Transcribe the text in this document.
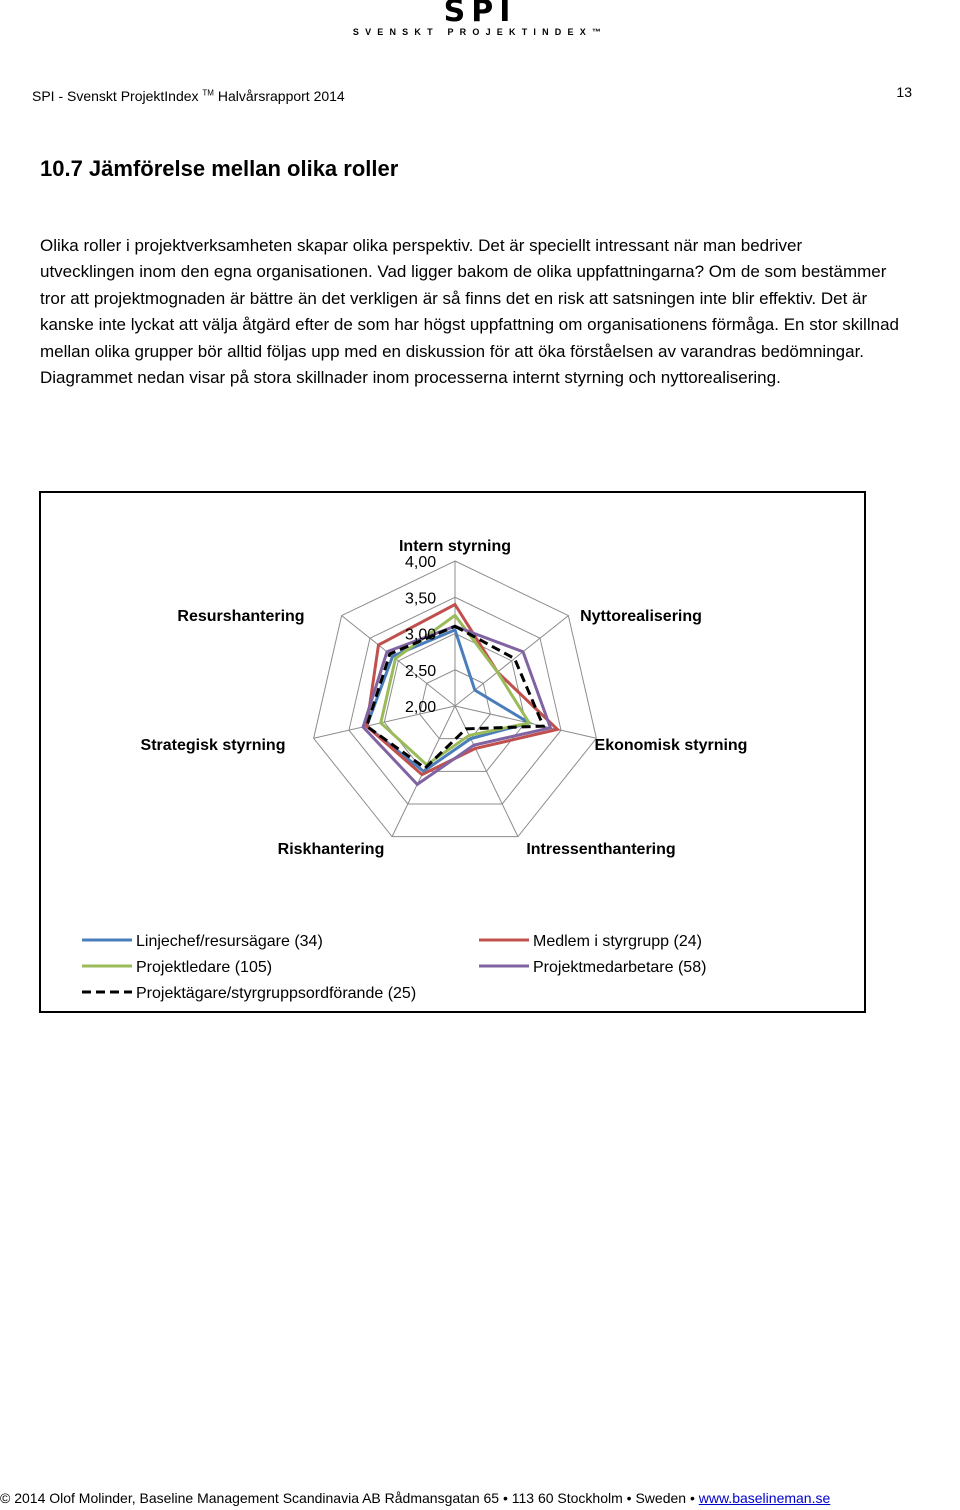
SPI
SVENSKT PROJEKTINDEX™
SPI - Svenskt ProjektIndex ™ Halvårsrapport 2014	13
10.7 Jämförelse mellan olika roller

Olika roller i projektverksamheten skapar olika perspektiv. Det är speciellt intressant när man bedriver utvecklingen inom den egna organisationen. Vad ligger bakom de olika uppfattningarna? Om de som bestämmer tror att projektmognaden är bättre än det verkligen är så finns det en risk att satsningen inte blir effektiv. Det är kanske inte lyckat att välja åtgärd efter de som har högst uppfattning om organisationens förmåga. En stor skillnad mellan olika grupper bör alltid följas upp med en diskussion för att öka förståelsen av varandras bedömningar. Diagrammet nedan visar på stora skillnader inom processerna internt styrning och nyttorealisering.

2,00
2,50
3,00
3,50
4,00
Intern styrning
Nyttorealisering
Ekonomisk styrning
Intressenthantering
Riskhantering
Strategisk styrning
Resurshantering
Linjechef/resursägare (34)	Medlem i styrgrupp (24)
Projektledare (105)	Projektmedarbetare (58)
Projektägare/styrgruppsordförande (25)
© 2014 Olof Molinder, Baseline Management Scandinavia AB Rådmansgatan 65 • 113 60 Stockholm • Sweden • www.baselineman.se
